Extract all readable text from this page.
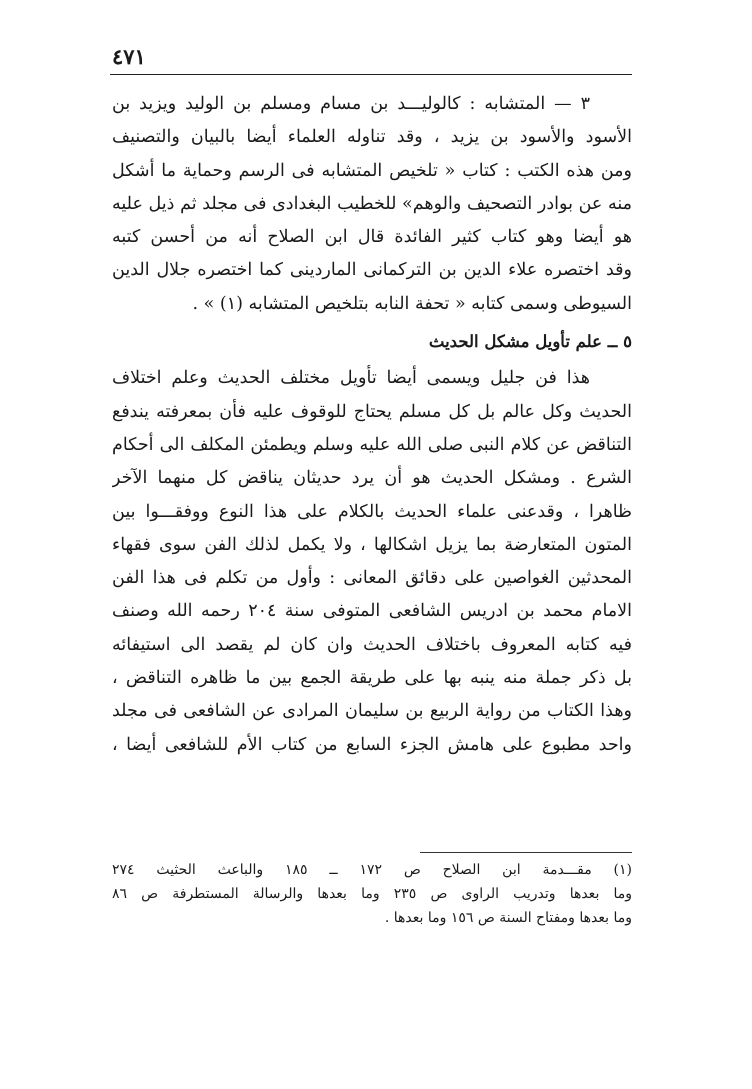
٤٧١
٣ — المتشابه : كالوليـــد بن مسام ومسلم بن الوليد ويزيد بن
الأسود والأسود بن يزيد ، وقد تناوله العلماء أيضا بالبيان والتصنيف
ومن هذه الكتب : كتاب « تلخيص المتشابه فى الرسم وحماية ما أشكل
منه عن بوادر التصحيف والوهم» للخطيب البغدادى فى مجلد ثم ذيل عليه
هو أيضا وهو كتاب كثير الفائدة قال ابن الصلاح أنه من أحسن كتبه
وقد اختصره علاء الدين بن التركمانى الماردينى كما اختصره جلال الدين
السيوطى وسمى كتابه « تحفة النابه بتلخيص المتشابه (١) » .
٥ ــ علم تأويل مشكل الحديث
هذا فن جليل ويسمى أيضا تأويل مختلف الحديث وعلم اختلاف
الحديث وكل عالم بل كل مسلم يحتاج للوقوف عليه فأن بمعرفته يندفع
التناقض عن كلام النبى صلى الله عليه وسلم ويطمئن المكلف الى أحكام
الشرع . ومشكل الحديث هو أن يرد حديثان يناقض كل منهما الآخر
ظاهرا ، وقدعنى علماء الحديث بالكلام على هذا النوع ووفقـــوا بين
المتون المتعارضة بما يزيل اشكالها ، ولا يكمل لذلك الفن سوى فقهاء
المحدثين الغواصين على دقائق المعانى : وأول من تكلم فى هذا الفن
الامام محمد بن ادريس الشافعى المتوفى سنة ٢٠٤ رحمه الله وصنف
فيه كتابه المعروف باختلاف الحديث وان كان لم يقصد الى استيفائه
بل ذكر جملة منه ينبه بها على طريقة الجمع بين ما ظاهره التناقض ،
وهذا الكتاب من رواية الربيع بن سليمان المرادى عن الشافعى فى مجلد
واحد مطبوع على هامش الجزء السابع من كتاب الأم للشافعى أيضا ،
(١) مقـــدمة ابن الصلاح ص ١٧٢ ــ ١٨٥ والباعث الحثيث ٢٧٤
وما بعدها وتدريب الراوى ص ٢٣٥ وما بعدها والرسالة المستطرفة ص ٨٦
وما بعدها ومفتاح السنة ص ١٥٦ وما بعدها .
